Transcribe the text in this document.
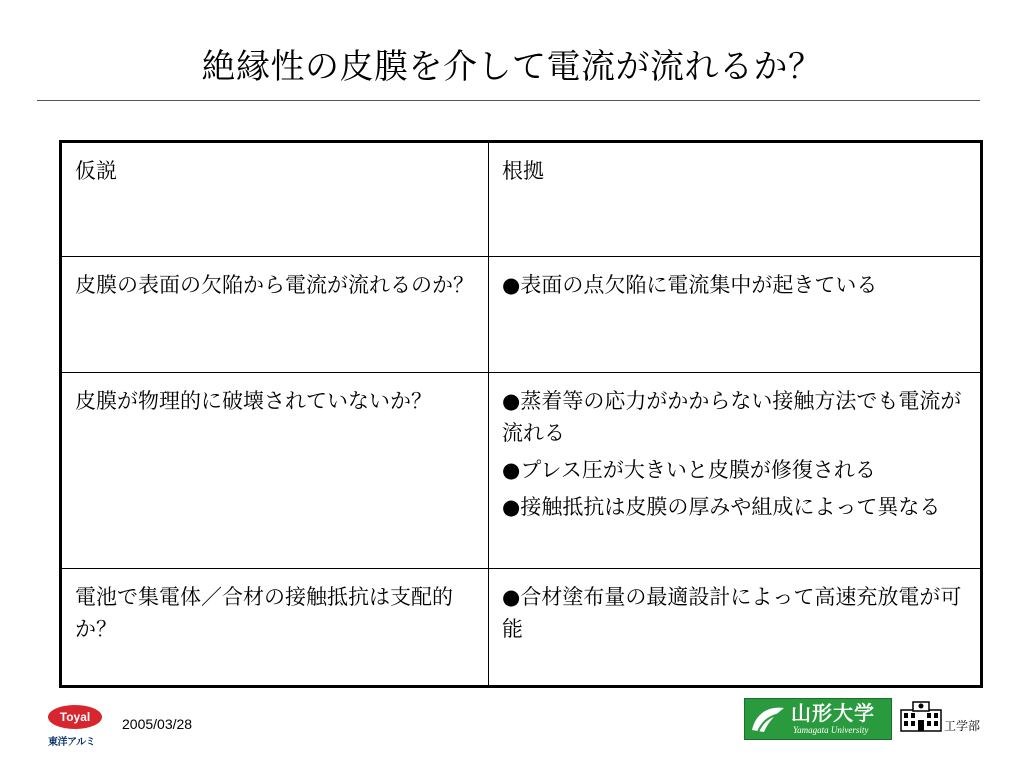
絶縁性の皮膜を介して電流が流れるか？
仮説	根拠
皮膜の表面の欠陥から電流が流れるのか？	●表面の点欠陥に電流集中が起きている

皮膜が物理的に破壊されていないか？	●蒸着等の応力がかからない接触方法でも電流が流れる

●プレス圧が大きいと皮膜が修復される

●接触抵抗は皮膜の厚みや組成によって異なる

電池で集電体／合材の接触抵抗は支配的か？	●合材塗布量の最適設計によって高速充放電が可能

Toyal
東洋アルミ
2005/03/28	山形大学
Yamagata University	工学部
